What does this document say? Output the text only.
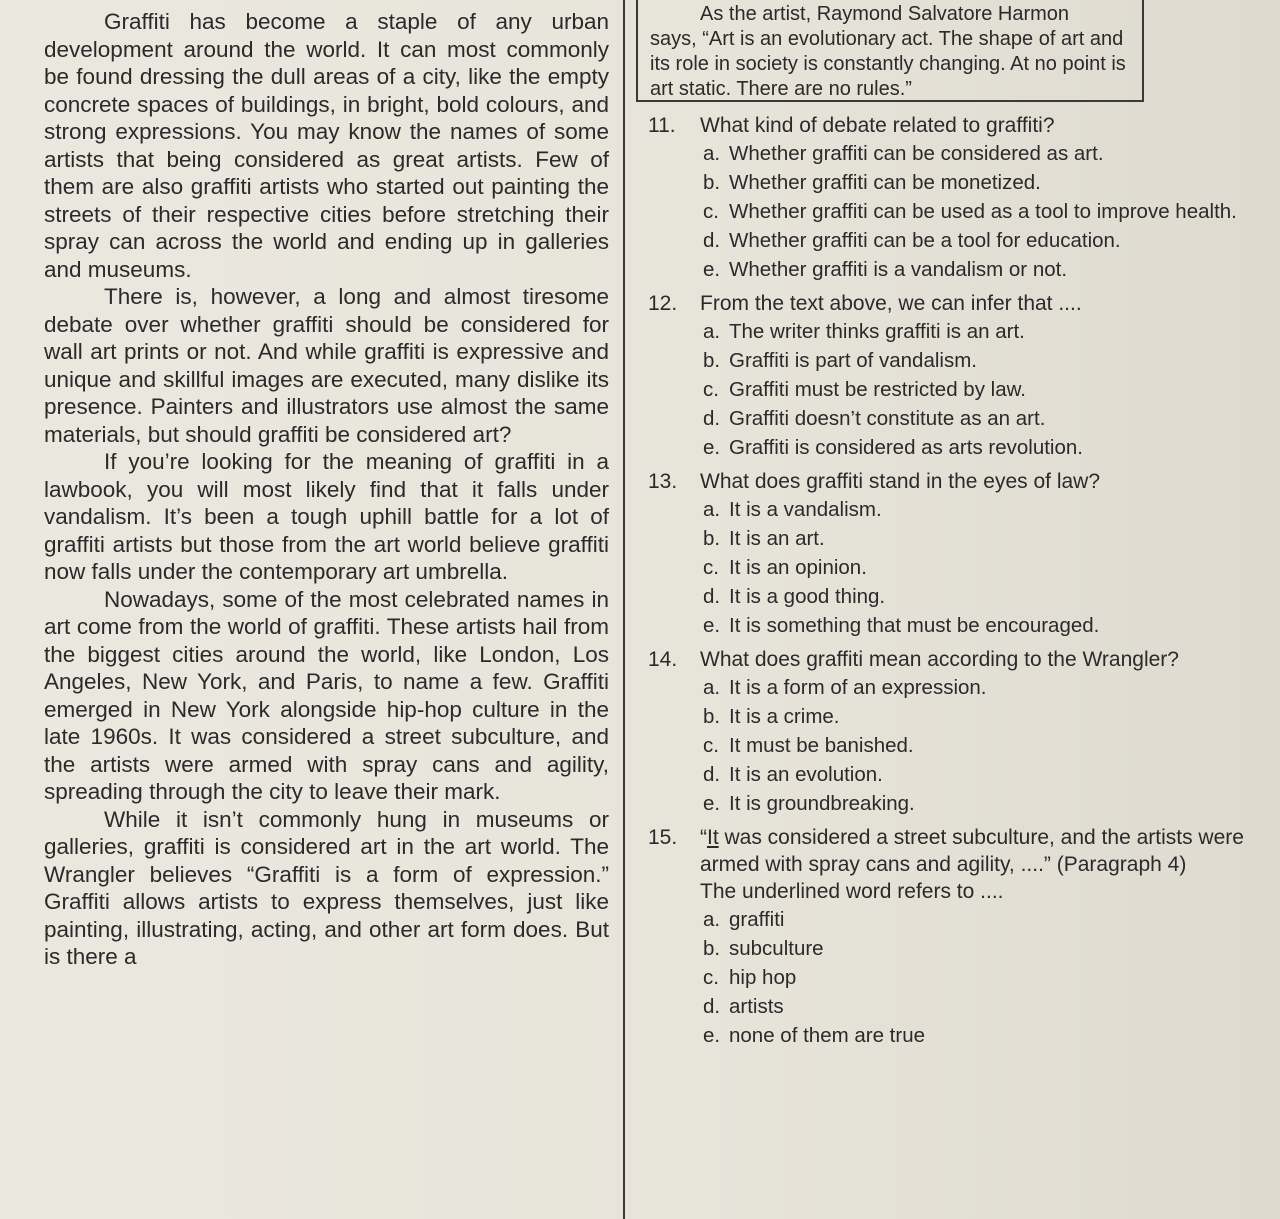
Graffiti has become a staple of any urban development around the world. It can most commonly be found dressing the dull areas of a city, like the empty concrete spaces of buildings, in bright, bold colours, and strong expressions. You may know the names of some artists that being considered as great artists. Few of them are also graffiti artists who started out painting the streets of their respective cities before stretching their spray can across the world and ending up in galleries and museums.

There is, however, a long and almost tiresome debate over whether graffiti should be considered for wall art prints or not. And while graffiti is expressive and unique and skillful images are executed, many dislike its presence. Painters and illustrators use almost the same materials, but should graffiti be considered art?

If you’re looking for the meaning of graffiti in a lawbook, you will most likely find that it falls under vandalism. It’s been a tough uphill battle for a lot of graffiti artists but those from the art world believe graffiti now falls under the contemporary art umbrella.

Nowadays, some of the most celebrated names in art come from the world of graffiti. These artists hail from the biggest cities around the world, like London, Los Angeles, New York, and Paris, to name a few. Graffiti emerged in New York alongside hip-hop culture in the late 1960s. It was considered a street subculture, and the artists were armed with spray cans and agility, spreading through the city to leave their mark.

While it isn’t commonly hung in museums or galleries, graffiti is considered art in the art world. The Wrangler believes “Graffiti is a form of expression.” Graffiti allows artists to express themselves, just like painting, illustrating, acting, and other art form does. But is there a

As the artist, Raymond Salvatore Harmon

says, “Art is an evolutionary act. The shape of art and its role in society is constantly changing. At no point is art static. There are no rules.”

11.	What kind of debate related to graffiti?
a. Whether graffiti can be considered as art.
b. Whether graffiti can be monetized.
c. Whether graffiti can be used as a tool to improve health.
d. Whether graffiti can be a tool for education.
e. Whether graffiti is a vandalism or not.
12.	From the text above, we can infer that ....
a. The writer thinks graffiti is an art.
b. Graffiti is part of vandalism.
c. Graffiti must be restricted by law.
d. Graffiti doesn’t constitute as an art.
e. Graffiti is considered as arts revolution.
13.	What does graffiti stand in the eyes of law?
a. It is a vandalism.
b. It is an art.
c. It is an opinion.
d. It is a good thing.
e. It is something that must be encouraged.
14.	What does graffiti mean according to the Wrangler?
a. It is a form of an expression.
b. It is a crime.
c. It must be banished.
d. It is an evolution.
e. It is groundbreaking.
15.	“It was considered a street subculture, and the artists were armed with spray cans and agility, ....” (Paragraph 4)
The underlined word refers to ....
a. graffiti
b. subculture
c. hip hop
d. artists
e. none of them are true
